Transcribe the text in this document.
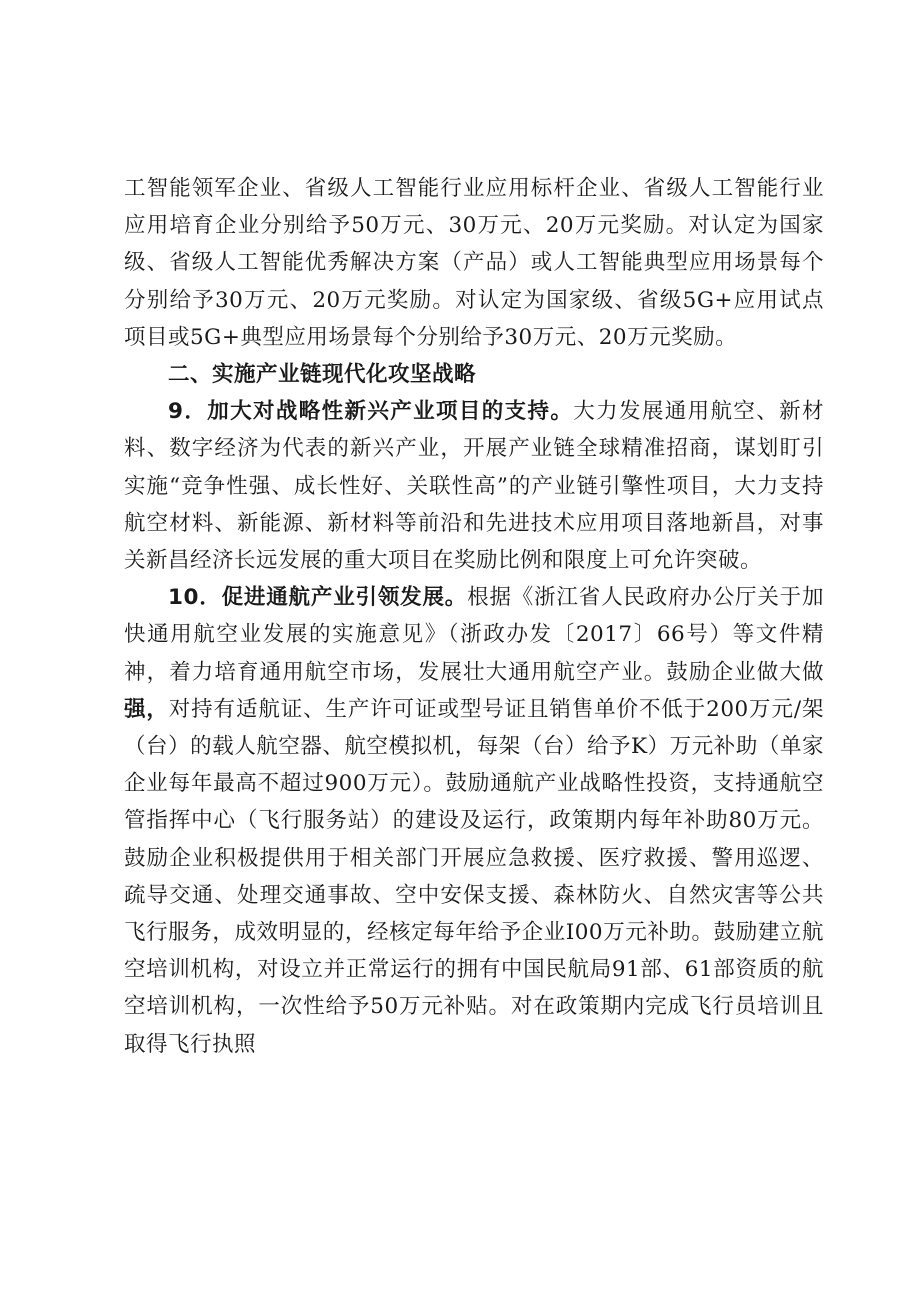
工智能领军企业、省级人工智能行业应用标杆企业、省级人工智能行业应用培育企业分别给予50万元、30万元、20万元奖励。对认定为国家级、省级人工智能优秀解决方案（产品）或人工智能典型应用场景每个分别给予30万元、20万元奖励。对认定为国家级、省级5G+应用试点项目或5G+典型应用场景每个分别给予30万元、20万元奖励。

二、实施产业链现代化攻坚战略

9．加大对战略性新兴产业项目的支持。大力发展通用航空、新材料、数字经济为代表的新兴产业，开展产业链全球精准招商，谋划盯引实施“竞争性强、成长性好、关联性高”的产业链引擎性项目，大力支持航空材料、新能源、新材料等前沿和先进技术应用项目落地新昌，对事关新昌经济长远发展的重大项目在奖励比例和限度上可允许突破。

10．促进通航产业引领发展。根据《浙江省人民政府办公厅关于加快通用航空业发展的实施意见》（浙政办发〔2017〕66号）等文件精神，着力培育通用航空市场，发展壮大通用航空产业。鼓励企业做大做强，对持有适航证、生产许可证或型号证且销售单价不低于200万元/架（台）的载人航空器、航空模拟机，每架（台）给予K）万元补助（单家企业每年最高不超过900万元）。鼓励通航产业战略性投资，支持通航空管指挥中心（飞行服务站）的建设及运行，政策期内每年补助80万元。鼓励企业积极提供用于相关部门开展应急救援、医疗救援、警用巡逻、疏导交通、处理交通事故、空中安保支援、森林防火、自然灾害等公共飞行服务，成效明显的，经核定每年给予企业I00万元补助。鼓励建立航空培训机构，对设立并正常运行的拥有中国民航局91部、61部资质的航空培训机构，一次性给予50万元补贴。对在政策期内完成飞行员培训且取得飞行执照
